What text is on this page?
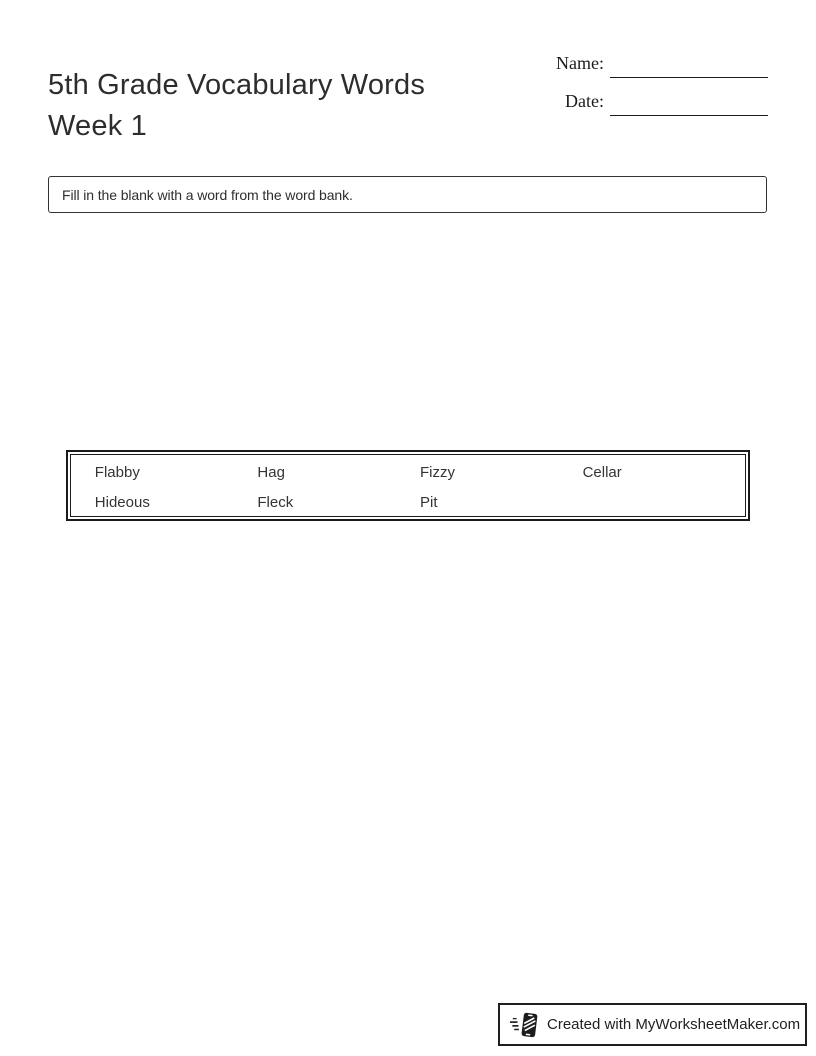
5th Grade Vocabulary Words Week 1
Name:
Date:
Fill in the blank with a word from the word bank.
Flabby	Hag	Fizzy	Cellar
Hideous	Fleck	Pit
Created with MyWorksheetMaker.com
